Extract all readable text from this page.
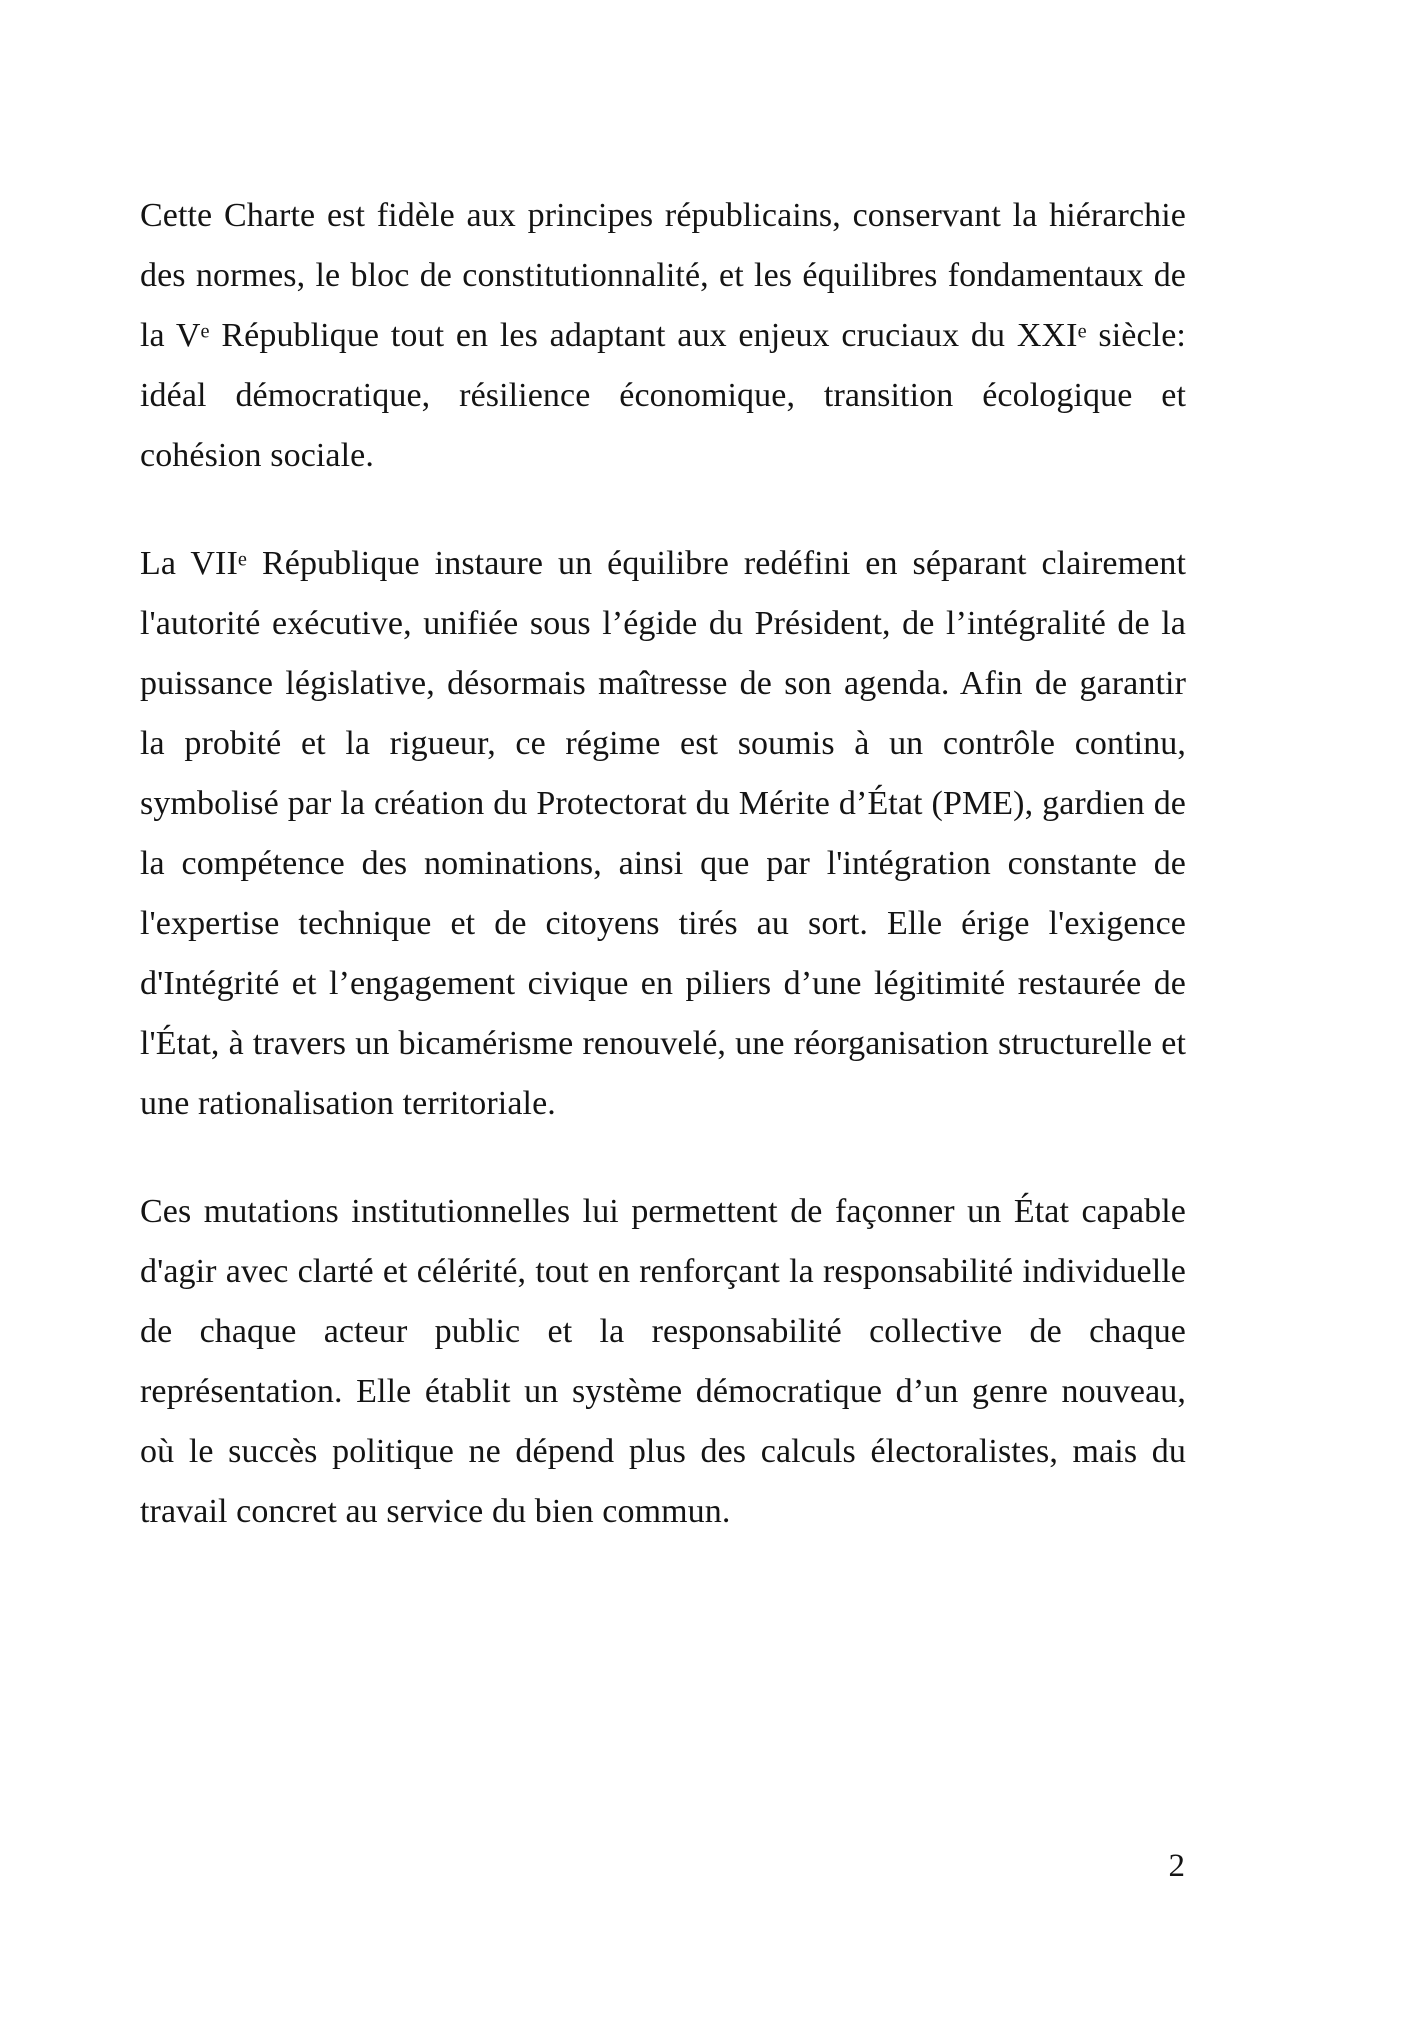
Cette Charte est fidèle aux principes républicains, conservant la hiérarchie des normes, le bloc de constitutionnalité, et les équilibres fondamentaux de la Ve République tout en les adaptant aux enjeux cruciaux du XXIe siècle: idéal démocratique, résilience économique, transition écologique et cohésion sociale.

La VIIe République instaure un équilibre redéfini en séparant clairement l'autorité exécutive, unifiée sous l’égide du Président, de l’intégralité de la puissance législative, désormais maîtresse de son agenda. Afin de garantir la probité et la rigueur, ce régime est soumis à un contrôle continu, symbolisé par la création du Protectorat du Mérite d’État (PME), gardien de la compétence des nominations, ainsi que par l'intégration constante de l'expertise technique et de citoyens tirés au sort. Elle érige l'exigence d'Intégrité et l’engagement civique en piliers d’une légitimité restaurée de l'État, à travers un bicamérisme renouvelé, une réorganisation structurelle et une rationalisation territoriale.

Ces mutations institutionnelles lui permettent de façonner un État capable d'agir avec clarté et célérité, tout en renforçant la responsabilité individuelle de chaque acteur public et la responsabilité collective de chaque représentation. Elle établit un système démocratique d’un genre nouveau, où le succès politique ne dépend plus des calculs électoralistes, mais du travail concret au service du bien commun.

2
